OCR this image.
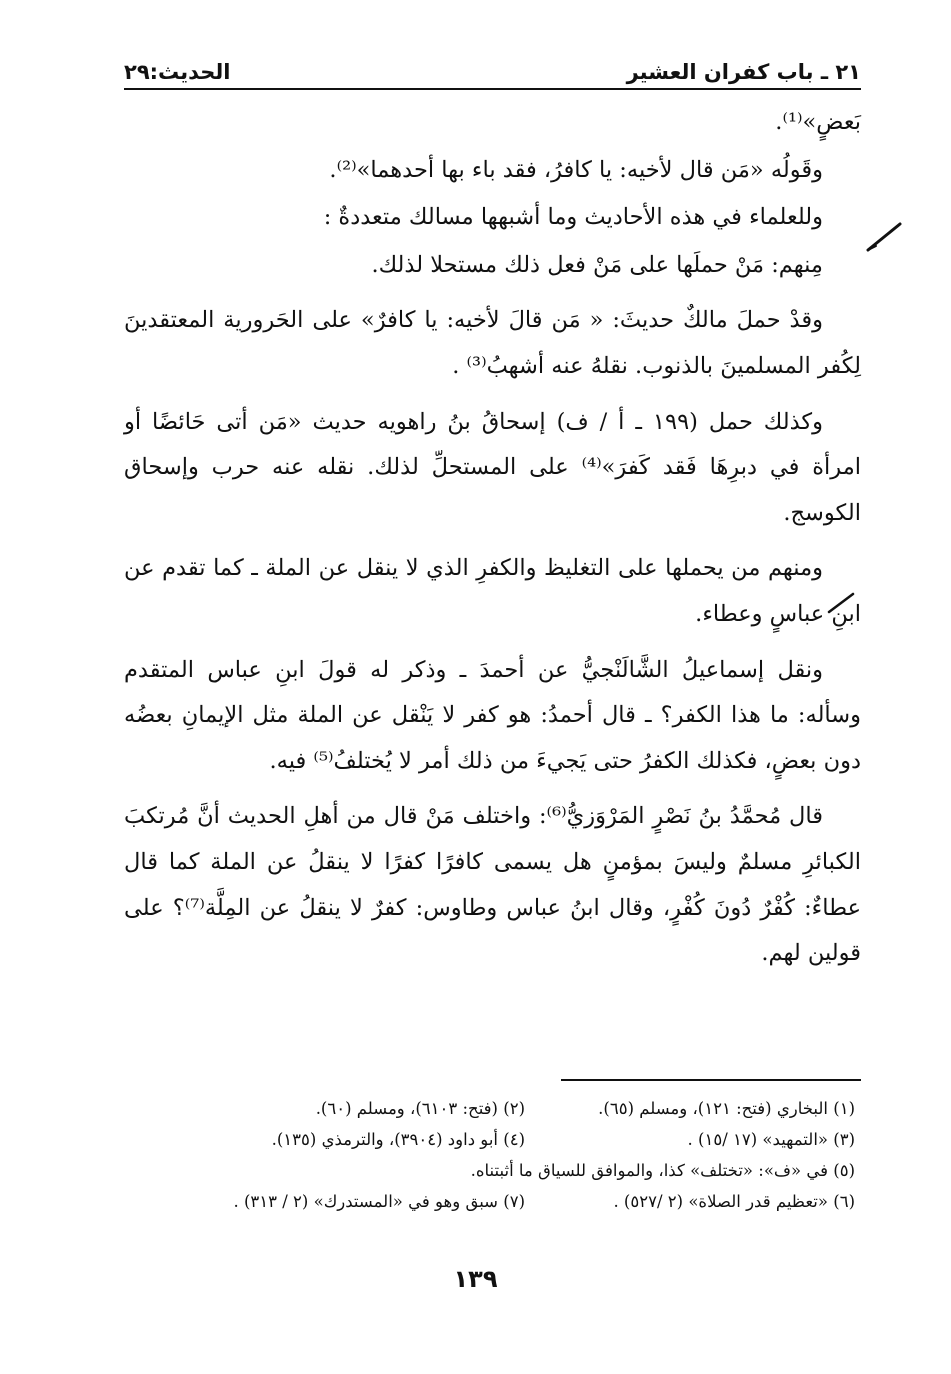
٢١ ـ باب كفران العشير
الحديث:٢٩

بَعضٍ»⁽¹⁾.

وقَولُه «مَن قال لأخيه: يا كافرُ، فقد باء بها أحدهما»⁽²⁾.

وللعلماء في هذه الأحاديث وما أشبهها مسالك متعددةٌ :

مِنهم: مَنْ حملَها على مَنْ فعل ذلك مستحلا لذلك.

وقدْ حملَ مالكٌ حديثَ: « مَن قالَ لأخيه: يا كافرٌ» على الحَرورية المعتقدينَ لِكُفر المسلمينَ بالذنوب. نقلهُ عنه أشهبُ⁽³⁾ .

وكذلك حمل (١٩٩ ـ أ / ف) إسحاقُ بنُ راهويه حديث «مَن أتى حَائضًا أو امرأة في دبرِهَا فَقد كَفرَ»⁽⁴⁾ على المستحلِّ لذلك. نقله عنه حرب وإسحاق الكوسج.

ومنهم من يحملها على التغليظ والكفرِ الذي لا ينقل عن الملة ـ كما تقدم عن ابنِ عباسٍ وعطاء.

ونقل إسماعيلُ الشَّالَنْجيُّ عن أحمدَ ـ وذكر له قولَ ابنِ عباس المتقدم وسأله: ما هذا الكفر؟ ـ قال أحمدُ: هو كفر لا يَنْقل عن الملة مثل الإيمانِ بعضُه دون بعضٍ، فكذلك الكفرُ حتى يَجيءَ من ذلك أمر لا يُختلفُ⁽⁵⁾ فيه.

قال مُحمَّدُ بنُ نَصْرٍ المَرْوَزيُّ⁽⁶⁾: واختلف مَنْ قال من أهلِ الحديث أنَّ مُرتكبَ الكبائرِ مسلمٌ وليسَ بمؤمنٍ هل يسمى كافرًا كفرًا لا ينقلُ عن الملة كما قال عطاءٌ: كُفْرٌ دُونَ كُفْرٍ، وقال ابنُ عباس وطاوس: كفرٌ لا ينقلُ عن المِلَّة⁽⁷⁾؟ على قولين لهم.

(١) البخاري (فتح: ١٢١)، ومسلم (٦٥).
(٢) (فتح: ٦١٠٣)، ومسلم (٦٠).
(٣) «التمهيد» (١٧ /١٥) .
(٤) أبو داود (٣٩٠٤)، والترمذي (١٣٥).
(٥) في «ف»: «تختلف» كذا، والموافق للسياق ما أثبتناه.
(٦) «تعظيم قدر الصلاة» (٢ /٥٢٧) .
(٧) سبق وهو في «المستدرك» (٢ / ٣١٣) .
١٣٩
